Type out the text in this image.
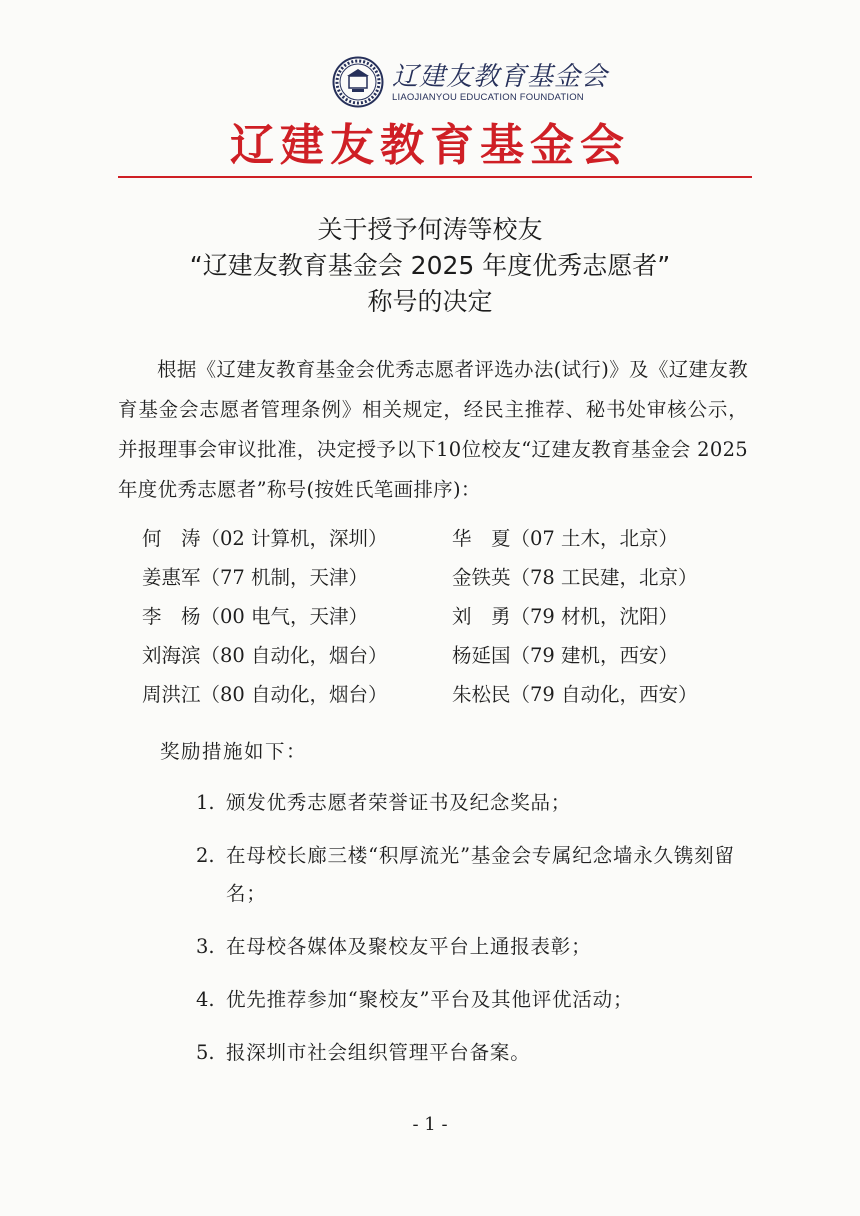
辽建友教育基金会
LIAOJIANYOU EDUCATION FOUNDATION
辽建友教育基金会
关于授予何涛等校友
“辽建友教育基金会 2025 年度优秀志愿者”
称号的决定
根据《辽建友教育基金会优秀志愿者评选办法(试行)》及《辽建友教育基金会志愿者管理条例》相关规定，经民主推荐、秘书处审核公示，并报理事会审议批准，决定授予以下10位校友“辽建友教育基金会 2025 年度优秀志愿者”称号(按姓氏笔画排序)：
何　涛（02 计算机，深圳）	华　夏（07 土木，北京）
姜惠军（77 机制，天津）	金铁英（78 工民建，北京）
李　杨（00 电气，天津）	刘　勇（79 材机，沈阳）
刘海滨（80 自动化，烟台）	杨延国（79 建机，西安）
周洪江（80 自动化，烟台）	朱松民（79 自动化，西安）
奖励措施如下：
1. 颁发优秀志愿者荣誉证书及纪念奖品；
2. 在母校长廊三楼“积厚流光”基金会专属纪念墙永久镌刻留名；
3. 在母校各媒体及聚校友平台上通报表彰；
4. 优先推荐参加“聚校友”平台及其他评优活动；
5. 报深圳市社会组织管理平台备案。
- 1 -
